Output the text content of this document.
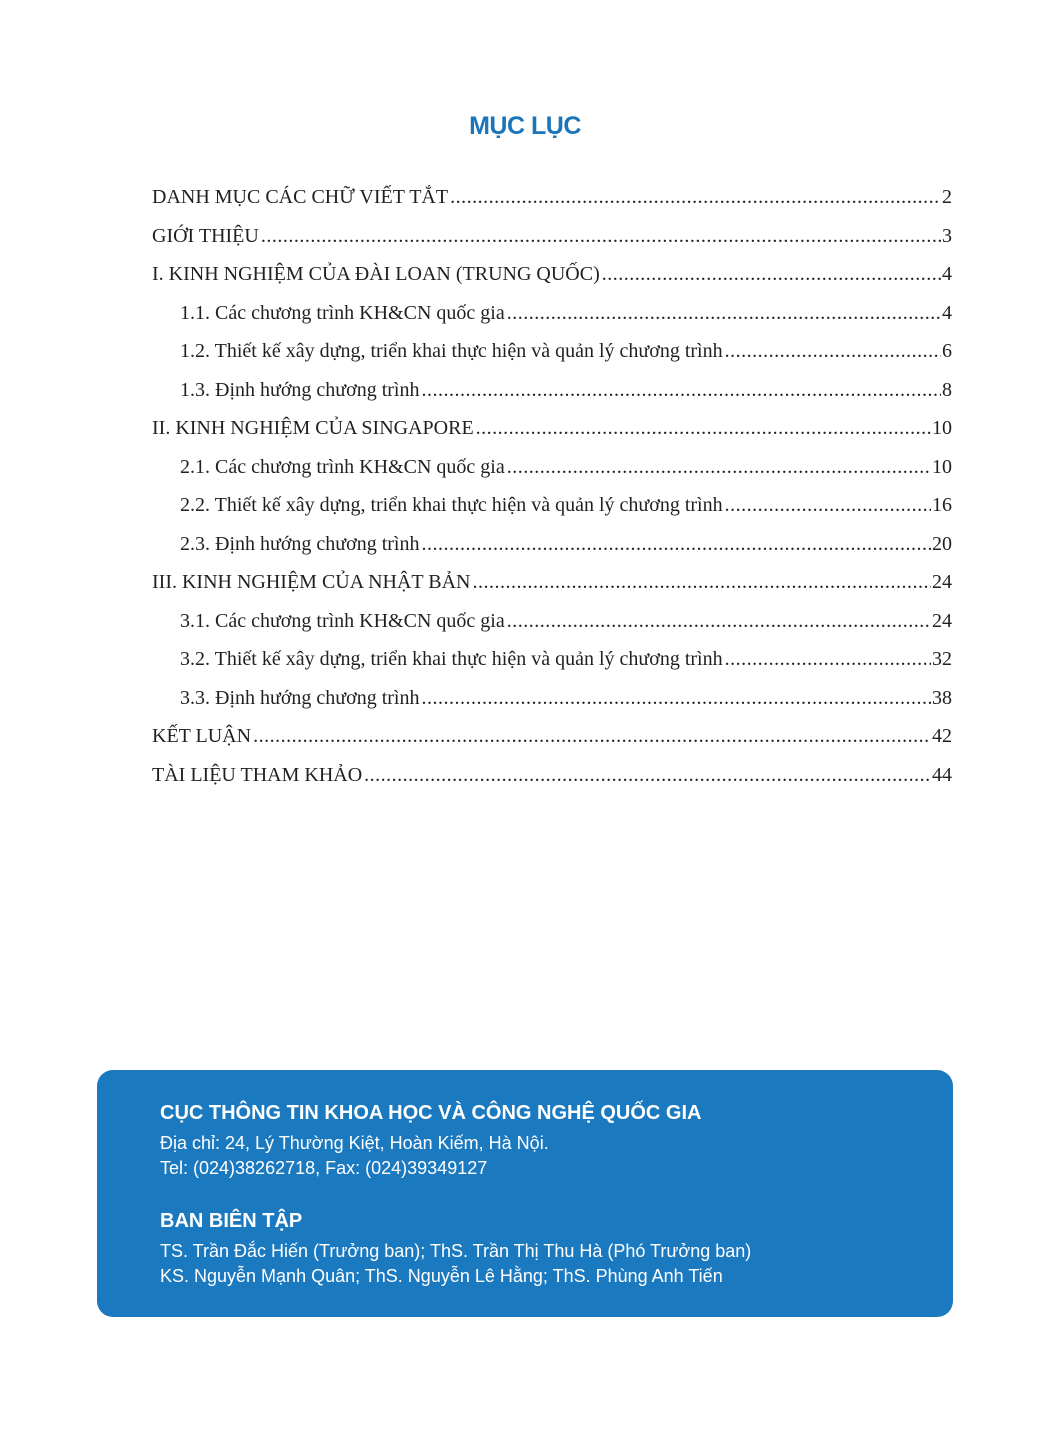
MỤC LỤC
DANH MỤC CÁC CHỮ VIẾT TẮT .....	2
GIỚI THIỆU .....	3
I. KINH NGHIỆM CỦA ĐÀI LOAN (TRUNG QUỐC) .....	4
1.1. Các chương trình KH&CN quốc gia .....	4
1.2. Thiết kế xây dựng, triển khai thực hiện và quản lý chương trình .....	6
1.3. Định hướng chương trình .....	8
II. KINH NGHIỆM CỦA SINGAPORE .....	10
2.1. Các chương trình KH&CN quốc gia .....	10
2.2. Thiết kế xây dựng, triển khai thực hiện và quản lý chương trình .....	16
2.3. Định hướng chương trình .....	20
III. KINH NGHIỆM CỦA NHẬT BẢN .....	24
3.1. Các chương trình KH&CN quốc gia .....	24
3.2. Thiết kế xây dựng, triển khai thực hiện và quản lý chương trình .....	32
3.3. Định hướng chương trình .....	38
KẾT LUẬN .....	42
TÀI LIỆU THAM KHẢO .....	44

CỤC THÔNG TIN KHOA HỌC VÀ CÔNG NGHỆ QUỐC GIA

Địa chỉ: 24, Lý Thường Kiệt, Hoàn Kiếm, Hà Nội.

Tel: (024)38262718, Fax: (024)39349127

BAN BIÊN TẬP

TS. Trần Đắc Hiến (Trưởng ban); ThS. Trần Thị Thu Hà (Phó Trưởng ban)

KS. Nguyễn Mạnh Quân; ThS. Nguyễn Lê Hằng; ThS. Phùng Anh Tiến
